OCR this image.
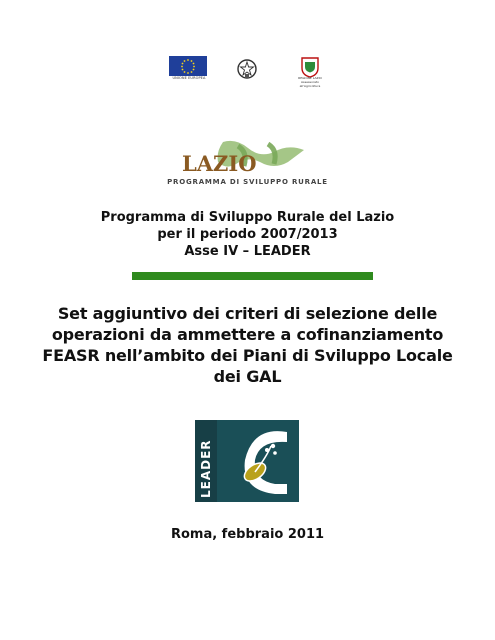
UNIONE EUROPEA	REGIONE LAZIO
Assessorato
all'Agricoltura
LAZIO
PROGRAMMA DI SVILUPPO RURALE
Programma di Sviluppo Rurale del Lazio
per il periodo 2007/2013
Asse IV – LEADER
Set aggiuntivo dei criteri di selezione delle
operazioni da ammettere a cofinanziamento
FEASR nell’ambito dei Piani di Sviluppo Locale
dei GAL
LEADER
Roma, febbraio 2011
